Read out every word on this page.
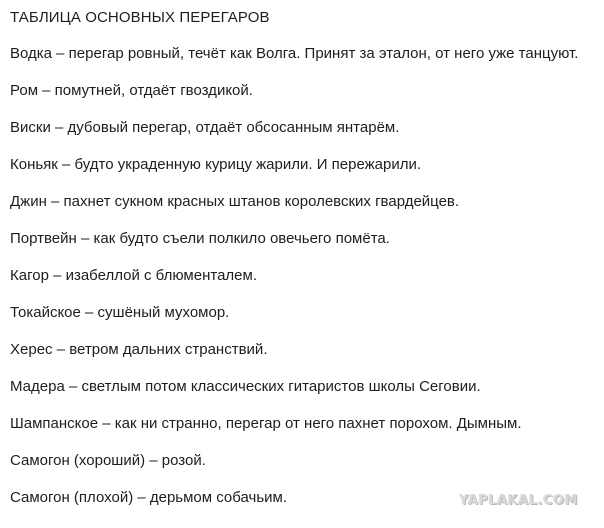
ТАБЛИЦА ОСНОВНЫХ ПЕРЕГАРОВ
Водка – перегар ровный, течёт как Волга. Принят за эталон, от него уже танцуют.
Ром – помутней, отдаёт гвоздикой.
Виски – дубовый перегар, отдаёт обсосанным янтарём.
Коньяк – будто украденную курицу жарили. И пережарили.
Джин – пахнет сукном красных штанов королевских гвардейцев.
Портвейн – как будто съели полкило овечьего помёта.
Кагор – изабеллой с блюменталем.
Токайское – сушёный мухомор.
Херес – ветром дальних странствий.
Мадера – светлым потом классических гитаристов школы Сеговии.
Шампанское – как ни странно, перегар от него пахнет порохом. Дымным.
Самогон (хороший) – розой.
Самогон (плохой) – дерьмом собачьим.	YAPLAKAL.COM
